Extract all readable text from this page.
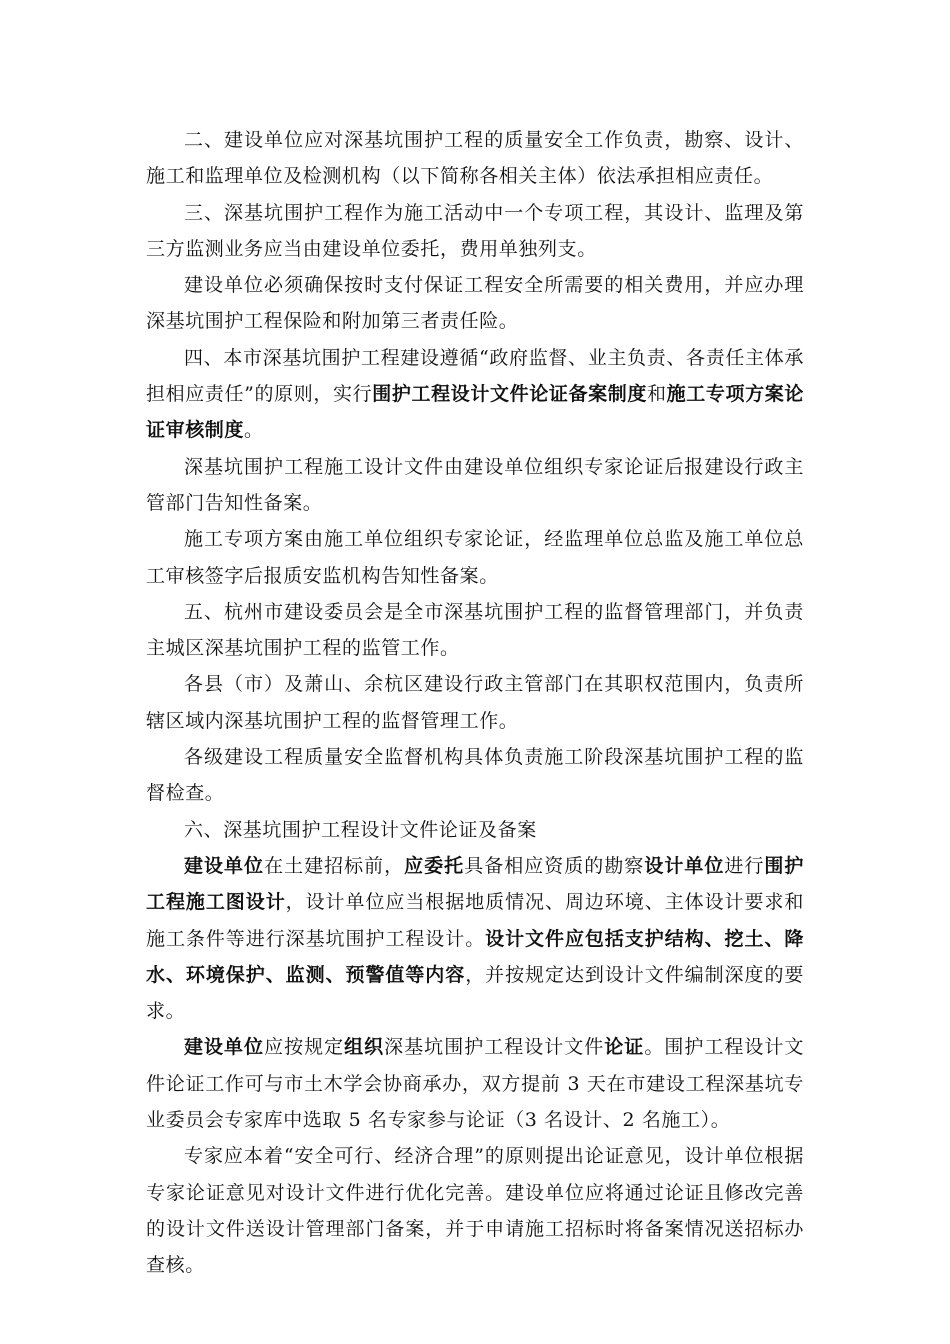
二、建设单位应对深基坑围护工程的质量安全工作负责，勘察、设计、施工和监理单位及检测机构（以下简称各相关主体）依法承担相应责任。

三、深基坑围护工程作为施工活动中一个专项工程，其设计、监理及第三方监测业务应当由建设单位委托，费用单独列支。

建设单位必须确保按时支付保证工程安全所需要的相关费用，并应办理深基坑围护工程保险和附加第三者责任险。

四、本市深基坑围护工程建设遵循“政府监督、业主负责、各责任主体承担相应责任”的原则，实行围护工程设计文件论证备案制度和施工专项方案论证审核制度。

深基坑围护工程施工设计文件由建设单位组织专家论证后报建设行政主管部门告知性备案。

施工专项方案由施工单位组织专家论证，经监理单位总监及施工单位总工审核签字后报质安监机构告知性备案。

五、杭州市建设委员会是全市深基坑围护工程的监督管理部门，并负责主城区深基坑围护工程的监管工作。

各县（市）及萧山、余杭区建设行政主管部门在其职权范围内，负责所辖区域内深基坑围护工程的监督管理工作。

各级建设工程质量安全监督机构具体负责施工阶段深基坑围护工程的监督检查。

六、深基坑围护工程设计文件论证及备案

建设单位在土建招标前，应委托具备相应资质的勘察设计单位进行围护工程施工图设计，设计单位应当根据地质情况、周边环境、主体设计要求和施工条件等进行深基坑围护工程设计。设计文件应包括支护结构、挖土、降水、环境保护、监测、预警值等内容，并按规定达到设计文件编制深度的要求。

建设单位应按规定组织深基坑围护工程设计文件论证。围护工程设计文件论证工作可与市土木学会协商承办，双方提前 3 天在市建设工程深基坑专业委员会专家库中选取 5 名专家参与论证（3 名设计、2 名施工）。

专家应本着“安全可行、经济合理”的原则提出论证意见，设计单位根据专家论证意见对设计文件进行优化完善。建设单位应将通过论证且修改完善的设计文件送设计管理部门备案，并于申请施工招标时将备案情况送招标办查核。
